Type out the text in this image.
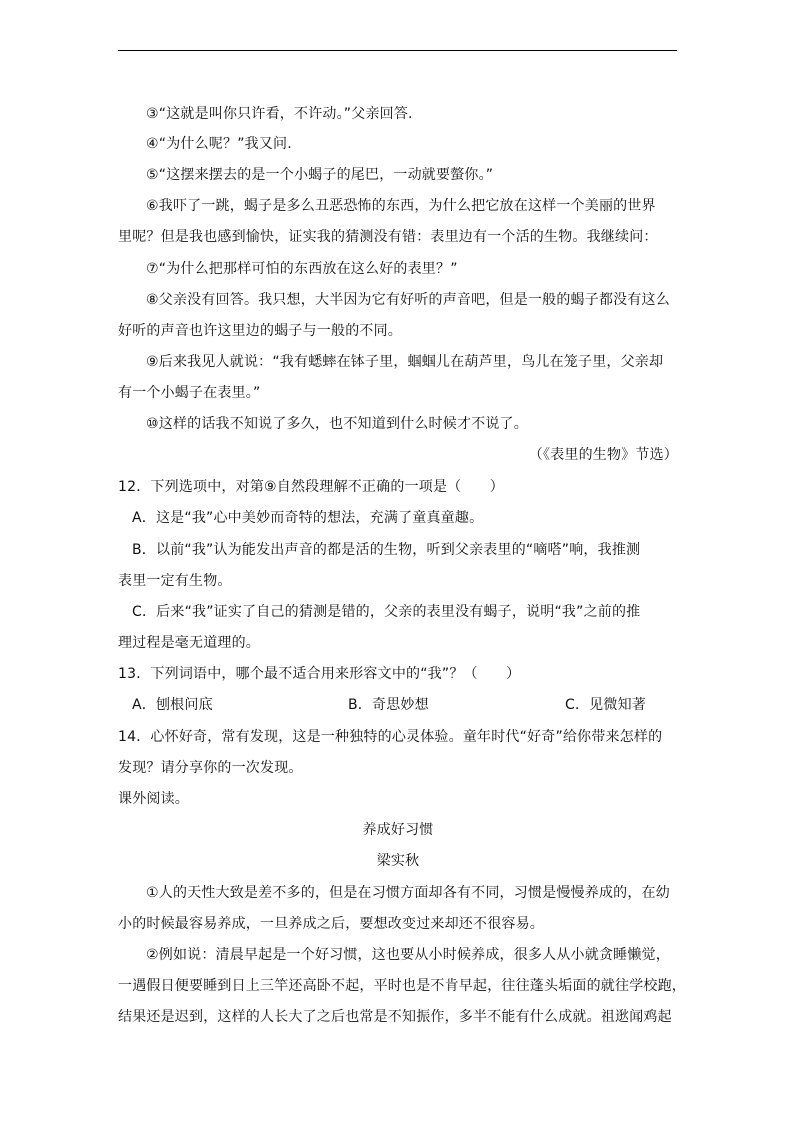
③“这就是叫你只许看，不许动。”父亲回答.
④“为什么呢？”我又问.
⑤“这摆来摆去的是一个小蝎子的尾巴，一动就要螫你。”
⑥我吓了一跳，蝎子是多么丑恶恐怖的东西，为什么把它放在这样一个美丽的世界
里呢？但是我也感到愉快，证实我的猜测没有错：表里边有一个活的生物。我继续问：
⑦“为什么把那样可怕的东西放在这么好的表里？”
⑧父亲没有回答。我只想，大半因为它有好听的声音吧，但是一般的蝎子都没有这么
好听的声音也许这里边的蝎子与一般的不同。
⑨后来我见人就说：“我有蟋蟀在钵子里，蝈蝈儿在葫芦里，鸟儿在笼子里，父亲却
有一个小蝎子在表里。”
⑩这样的话我不知说了多久，也不知道到什么时候才不说了。
（《表里的生物》节选）
12．下列选项中，对第⑨自然段理解不正确的一项是（　　）
A．这是“我”心中美妙而奇特的想法，充满了童真童趣。
B．以前“我”认为能发出声音的都是活的生物，听到父亲表里的“嘀嗒”响，我推测
表里一定有生物。
C．后来“我”证实了自己的猜测是错的，父亲的表里没有蝎子，说明“我”之前的推
理过程是毫无道理的。
13．下列词语中，哪个最不适合用来形容文中的“我”？（　　）
A．刨根问底	B．奇思妙想	C．见微知著
14．心怀好奇，常有发现，这是一种独特的心灵体验。童年时代“好奇”给你带来怎样的
发现？请分享你的一次发现。
课外阅读。
养成好习惯
梁实秋
①人的天性大致是差不多的，但是在习惯方面却各有不同，习惯是慢慢养成的，在幼
小的时候最容易养成，一旦养成之后，要想改变过来却还不很容易。
②例如说：清晨早起是一个好习惯，这也要从小时候养成，很多人从小就贪睡懒觉，
一遇假日便要睡到日上三竿还高卧不起，平时也是不肯早起，往往蓬头垢面的就往学校跑，
结果还是迟到，这样的人长大了之后也常是不知振作，多半不能有什么成就。祖逖闻鸡起
